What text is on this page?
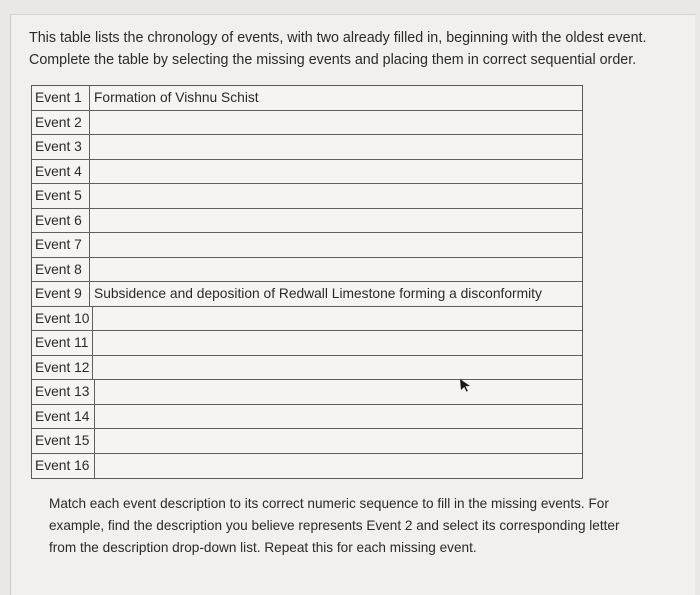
This table lists the chronology of events, with two already filled in, beginning with the oldest event.

Complete the table by selecting the missing events and placing them in correct sequential order.

Event 1 Formation of Vishnu Schist
Event 2
Event 3
Event 4
Event 5
Event 6
Event 7
Event 8
Event 9 Subsidence and deposition of Redwall Limestone forming a disconformity
Event 10
Event 11
Event 12
Event 13
Event 14
Event 15
Event 16

Match each event description to its correct numeric sequence to fill in the missing events. For

example, find the description you believe represents Event 2 and select its corresponding letter

from the description drop-down list. Repeat this for each missing event.
